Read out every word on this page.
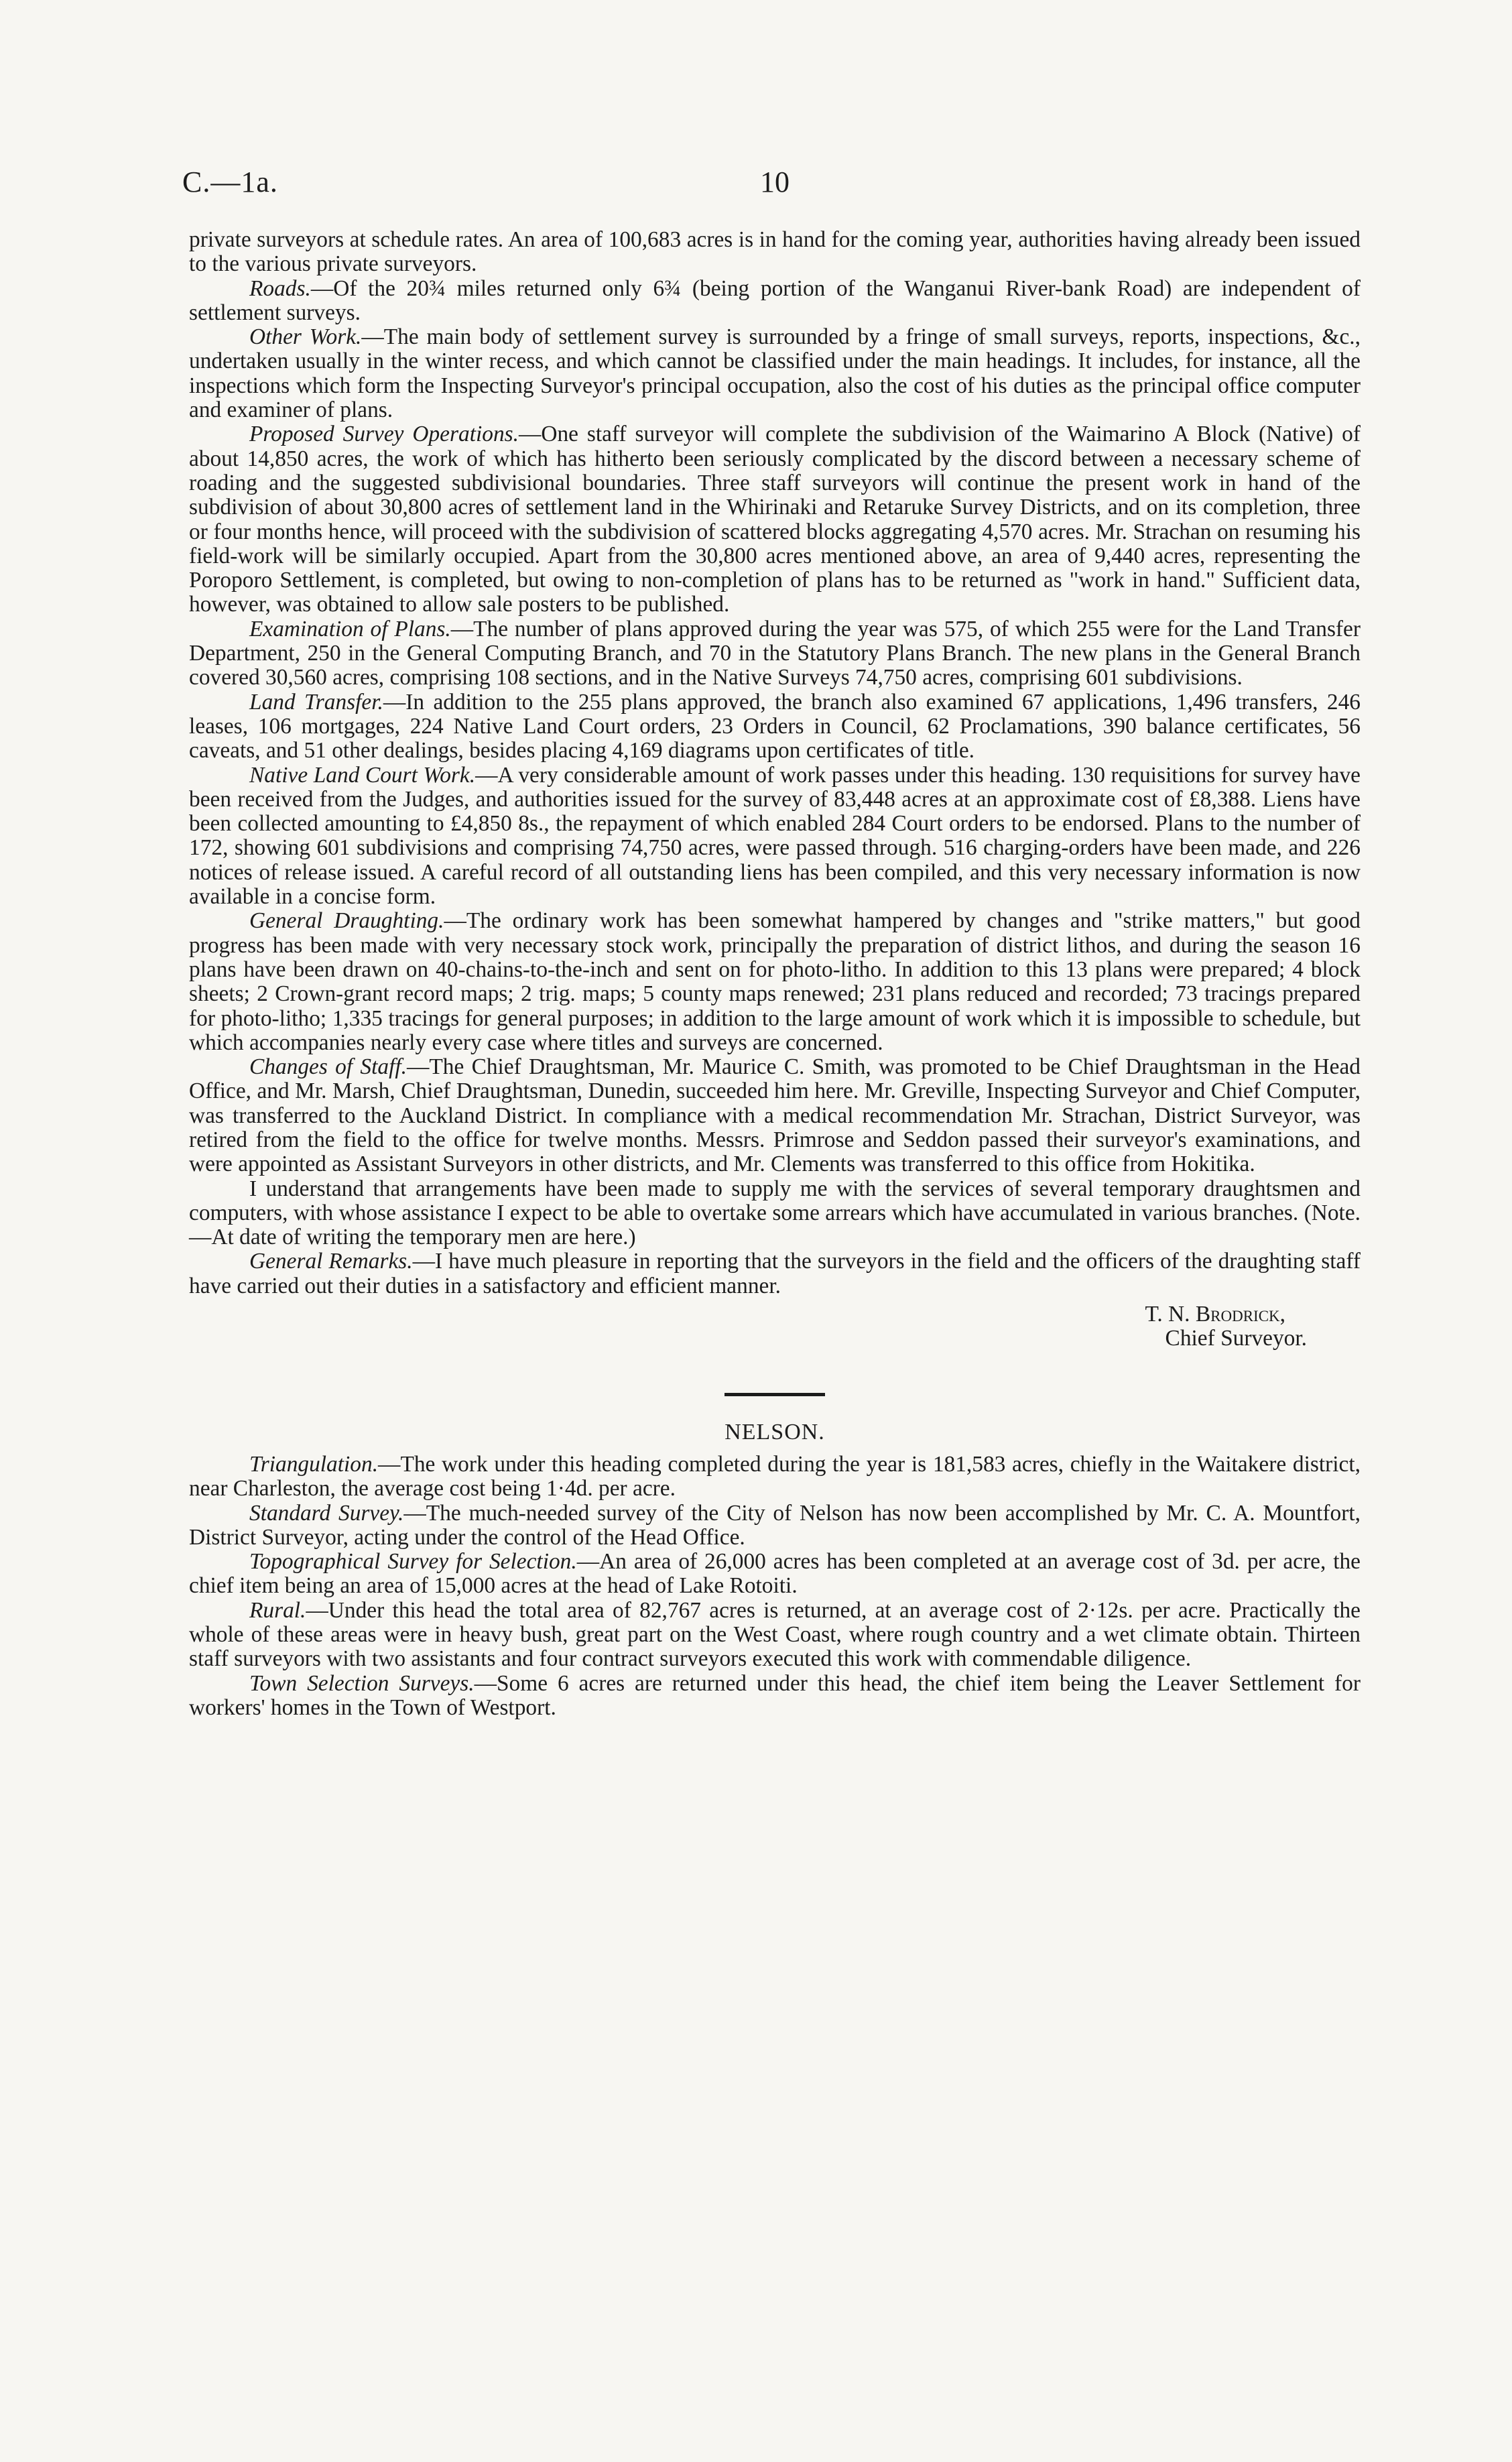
C.—1a.	10

private surveyors at schedule rates. An area of 100,683 acres is in hand for the coming year, authorities having already been issued to the various private surveyors.

Roads.—Of the 20¾ miles returned only 6¾ (being portion of the Wanganui River-bank Road) are independent of settlement surveys.

Other Work.—The main body of settlement survey is surrounded by a fringe of small surveys, reports, inspections, &c., undertaken usually in the winter recess, and which cannot be classified under the main headings. It includes, for instance, all the inspections which form the Inspecting Surveyor's principal occupation, also the cost of his duties as the principal office computer and examiner of plans.

Proposed Survey Operations.—One staff surveyor will complete the subdivision of the Waimarino A Block (Native) of about 14,850 acres, the work of which has hitherto been seriously complicated by the discord between a necessary scheme of roading and the suggested subdivisional boundaries. Three staff surveyors will continue the present work in hand of the subdivision of about 30,800 acres of settlement land in the Whirinaki and Retaruke Survey Districts, and on its completion, three or four months hence, will proceed with the subdivision of scattered blocks aggregating 4,570 acres. Mr. Strachan on resuming his field-work will be similarly occupied. Apart from the 30,800 acres mentioned above, an area of 9,440 acres, representing the Poroporo Settlement, is completed, but owing to non-completion of plans has to be returned as "work in hand." Sufficient data, however, was obtained to allow sale posters to be published.

Examination of Plans.—The number of plans approved during the year was 575, of which 255 were for the Land Transfer Department, 250 in the General Computing Branch, and 70 in the Statutory Plans Branch. The new plans in the General Branch covered 30,560 acres, comprising 108 sections, and in the Native Surveys 74,750 acres, comprising 601 subdivisions.

Land Transfer.—In addition to the 255 plans approved, the branch also examined 67 applications, 1,496 transfers, 246 leases, 106 mortgages, 224 Native Land Court orders, 23 Orders in Council, 62 Proclamations, 390 balance certificates, 56 caveats, and 51 other dealings, besides placing 4,169 diagrams upon certificates of title.

Native Land Court Work.—A very considerable amount of work passes under this heading. 130 requisitions for survey have been received from the Judges, and authorities issued for the survey of 83,448 acres at an approximate cost of £8,388. Liens have been collected amounting to £4,850 8s., the repayment of which enabled 284 Court orders to be endorsed. Plans to the number of 172, showing 601 subdivisions and comprising 74,750 acres, were passed through. 516 charging-orders have been made, and 226 notices of release issued. A careful record of all outstanding liens has been compiled, and this very necessary information is now available in a concise form.

General Draughting.—The ordinary work has been somewhat hampered by changes and "strike matters," but good progress has been made with very necessary stock work, principally the preparation of district lithos, and during the season 16 plans have been drawn on 40-chains-to-the-inch and sent on for photo-litho. In addition to this 13 plans were prepared; 4 block sheets; 2 Crown-grant record maps; 2 trig. maps; 5 county maps renewed; 231 plans reduced and recorded; 73 tracings prepared for photo-litho; 1,335 tracings for general purposes; in addition to the large amount of work which it is impossible to schedule, but which accompanies nearly every case where titles and surveys are concerned.

Changes of Staff.—The Chief Draughtsman, Mr. Maurice C. Smith, was promoted to be Chief Draughtsman in the Head Office, and Mr. Marsh, Chief Draughtsman, Dunedin, succeeded him here. Mr. Greville, Inspecting Surveyor and Chief Computer, was transferred to the Auckland District. In compliance with a medical recommendation Mr. Strachan, District Surveyor, was retired from the field to the office for twelve months. Messrs. Primrose and Seddon passed their surveyor's examinations, and were appointed as Assistant Surveyors in other districts, and Mr. Clements was transferred to this office from Hokitika.

I understand that arrangements have been made to supply me with the services of several temporary draughtsmen and computers, with whose assistance I expect to be able to overtake some arrears which have accumulated in various branches. (Note.—At date of writing the temporary men are here.)

General Remarks.—I have much pleasure in reporting that the surveyors in the field and the officers of the draughting staff have carried out their duties in a satisfactory and efficient manner.

T. N. Brodrick,
Chief Surveyor.
NELSON.

Triangulation.—The work under this heading completed during the year is 181,583 acres, chiefly in the Waitakere district, near Charleston, the average cost being 1·4d. per acre.

Standard Survey.—The much-needed survey of the City of Nelson has now been accomplished by Mr. C. A. Mountfort, District Surveyor, acting under the control of the Head Office.

Topographical Survey for Selection.—An area of 26,000 acres has been completed at an average cost of 3d. per acre, the chief item being an area of 15,000 acres at the head of Lake Rotoiti.

Rural.—Under this head the total area of 82,767 acres is returned, at an average cost of 2·12s. per acre. Practically the whole of these areas were in heavy bush, great part on the West Coast, where rough country and a wet climate obtain. Thirteen staff surveyors with two assistants and four contract surveyors executed this work with commendable diligence.

Town Selection Surveys.—Some 6 acres are returned under this head, the chief item being the Leaver Settlement for workers' homes in the Town of Westport.
